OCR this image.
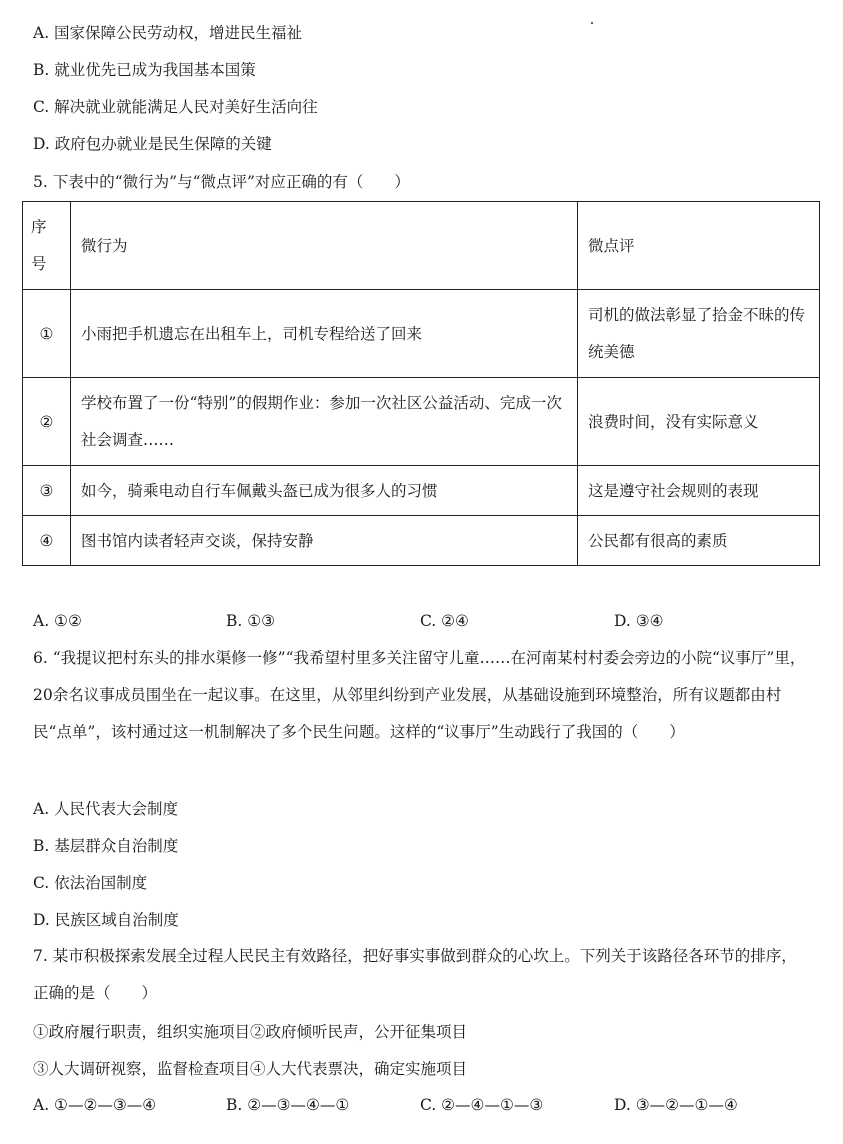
A. 国家保障公民劳动权，增进民生福祉
B. 就业优先已成为我国基本国策
C. 解决就业就能满足人民对美好生活向往
D. 政府包办就业是民生保障的关键
5. 下表中的“微行为”与“微点评”对应正确的有（　　）
序号	微行为	微点评
①	小雨把手机遗忘在出租车上，司机专程给送了回来	司机的做法彰显了拾金不昧的传统美德
②	学校布置了一份“特别”的假期作业：参加一次社区公益活动、完成一次社会调查……	浪费时间，没有实际意义
③	如今，骑乘电动自行车佩戴头盔已成为很多人的习惯	这是遵守社会规则的表现
④	图书馆内读者轻声交谈，保持安静	公民都有很高的素质
A. ①②	B. ①③	C. ②④	D. ③④
6. “我提议把村东头的排水渠修一修”“我希望村里多关注留守儿童……在河南某村村委会旁边的小院“议事厅”里，20余名议事成员围坐在一起议事。在这里，从邻里纠纷到产业发展，从基础设施到环境整治，所有议题都由村民“点单”，该村通过这一机制解决了多个民生问题。这样的“议事厅”生动践行了我国的（　　）
A. 人民代表大会制度
B. 基层群众自治制度
C. 依法治国制度
D. 民族区域自治制度
7. 某市积极探索发展全过程人民民主有效路径，把好事实事做到群众的心坎上。下列关于该路径各环节的排序，正确的是（　　）
①政府履行职责，组织实施项目②政府倾听民声，公开征集项目
③人大调研视察，监督检查项目④人大代表票决，确定实施项目
A. ①—②—③—④	B. ②—③—④—①	C. ②—④—①—③	D. ③—②—①—④
